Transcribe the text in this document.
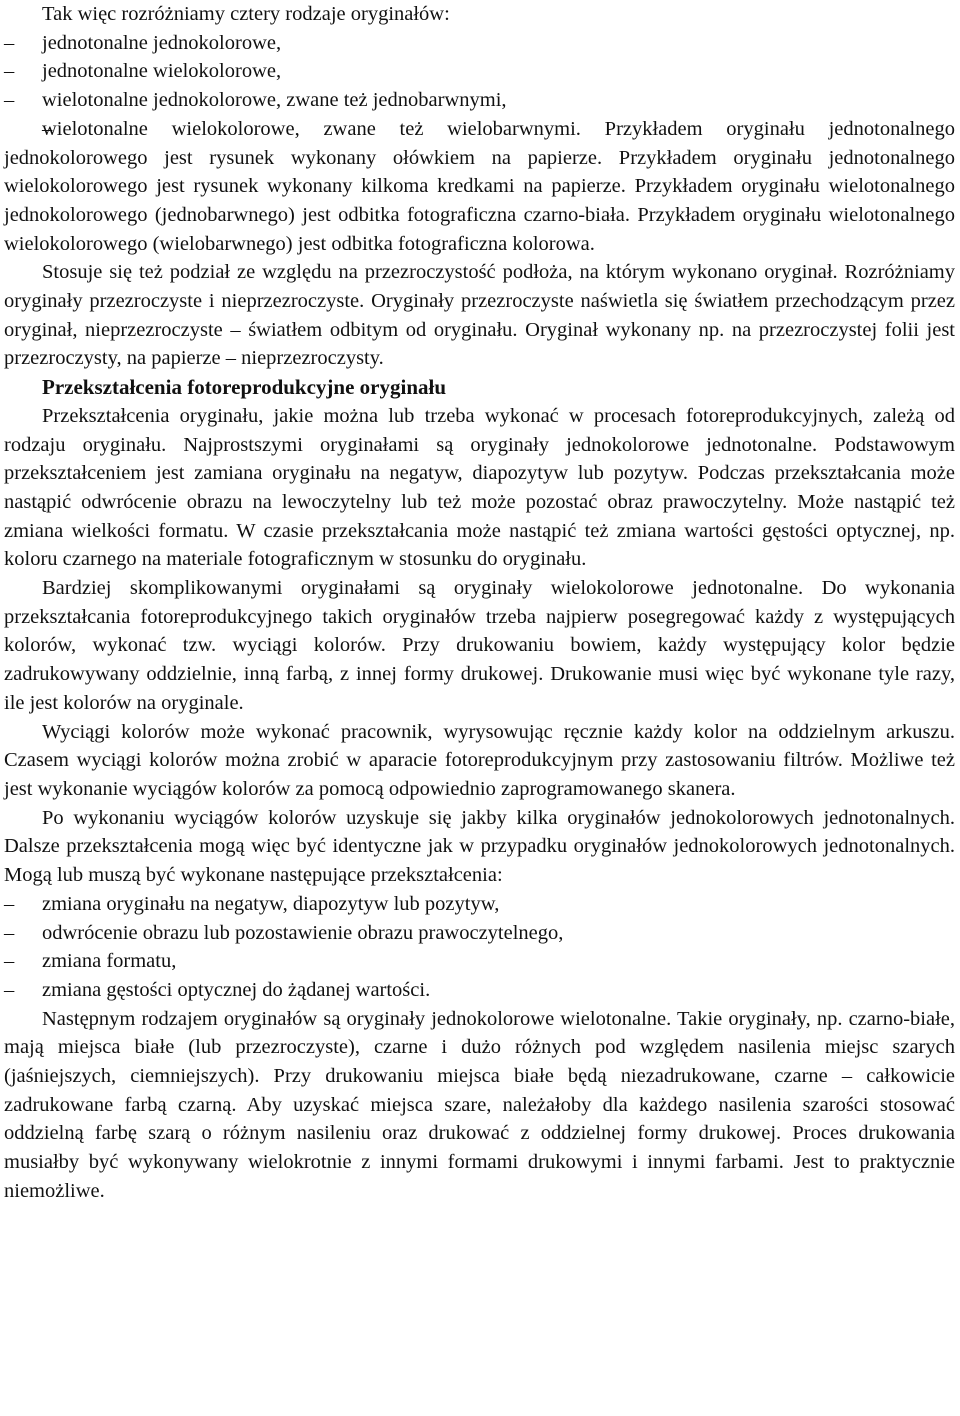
Tak więc rozróżniamy cztery rodzaje oryginałów:

– jednotonalne jednokolorowe,
– jednotonalne wielokolorowe,
– wielotonalne jednokolorowe, zwane też jednobarwnymi,
– wielotonalne wielokolorowe, zwane też wielobarwnymi. Przykładem oryginału jednotonalnego jednokolorowego jest rysunek wykonany ołówkiem na papierze. Przykładem oryginału jednotonalnego wielokolorowego jest rysunek wykonany kilkoma kredkami na papierze. Przykładem oryginału wielotonalnego jednokolorowego (jednobarwnego) jest odbitka fotograficzna czarno-biała. Przykładem oryginału wielotonalnego wielokolorowego (wielobarwnego) jest odbitka fotograficzna kolorowa.

Stosuje się też podział ze względu na przezroczystość podłoża, na którym wykonano oryginał. Rozróżniamy oryginały przezroczyste i nieprzezroczyste. Oryginały przezroczyste naświetla się światłem przechodzącym przez oryginał, nieprzezroczyste – światłem odbitym od oryginału. Oryginał wykonany np. na przezroczystej folii jest przezroczysty, na papierze – nieprzezroczysty.

Przekształcenia fotoreprodukcyjne oryginału

Przekształcenia oryginału, jakie można lub trzeba wykonać w procesach fotoreprodukcyjnych, zależą od rodzaju oryginału. Najprostszymi oryginałami są oryginały jednokolorowe jednotonalne. Podstawowym przekształceniem jest zamiana oryginału na negatyw, diapozytyw lub pozytyw. Podczas przekształcania może nastąpić odwrócenie obrazu na lewoczytelny lub też może pozostać obraz prawoczytelny. Może nastąpić też zmiana wielkości formatu. W czasie przekształcania może nastąpić też zmiana wartości gęstości optycznej, np. koloru czarnego na materiale fotograficznym w stosunku do oryginału.

Bardziej skomplikowanymi oryginałami są oryginały wielokolorowe jednotonalne. Do wykonania przekształcania fotoreprodukcyjnego takich oryginałów trzeba najpierw posegregować każdy z występujących kolorów, wykonać tzw. wyciągi kolorów. Przy drukowaniu bowiem, każdy występujący kolor będzie zadrukowywany oddzielnie, inną farbą, z innej formy drukowej. Drukowanie musi więc być wykonane tyle razy, ile jest kolorów na oryginale.

Wyciągi kolorów może wykonać pracownik, wyrysowując ręcznie każdy kolor na oddzielnym arkuszu. Czasem wyciągi kolorów można zrobić w aparacie fotoreprodukcyjnym przy zastosowaniu filtrów. Możliwe też jest wykonanie wyciągów kolorów za pomocą odpowiednio zaprogramowanego skanera.

Po wykonaniu wyciągów kolorów uzyskuje się jakby kilka oryginałów jednokolorowych jednotonalnych. Dalsze przekształcenia mogą więc być identyczne jak w przypadku oryginałów jednokolorowych jednotonalnych. Mogą lub muszą być wykonane następujące przekształcenia:

– zmiana oryginału na negatyw, diapozytyw lub pozytyw,
– odwrócenie obrazu lub pozostawienie obrazu prawoczytelnego,
– zmiana formatu,
– zmiana gęstości optycznej do żądanej wartości.

Następnym rodzajem oryginałów są oryginały jednokolorowe wielotonalne. Takie oryginały, np. czarno-białe, mają miejsca białe (lub przezroczyste), czarne i dużo różnych pod względem nasilenia miejsc szarych (jaśniejszych, ciemniejszych). Przy drukowaniu miejsca białe będą niezadrukowane, czarne – całkowicie zadrukowane farbą czarną. Aby uzyskać miejsca szare, należałoby dla każdego nasilenia szarości stosować oddzielną farbę szarą o różnym nasileniu oraz drukować z oddzielnej formy drukowej. Proces drukowania musiałby być wykonywany wielokrotnie z innymi formami drukowymi i innymi farbami. Jest to praktycznie niemożliwe.
